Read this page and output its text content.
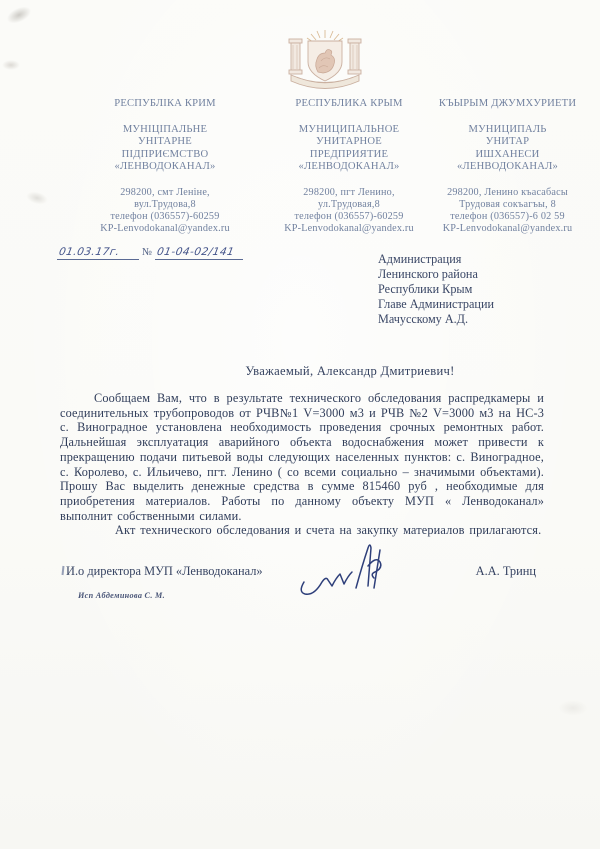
РЕСПУБЛІКА КРИМ
МУНІЦІПАЛЬНЕ
УНІТАРНЕ
ПІДПРИЄМСТВО
«ЛЕНВОДОКАНАЛ»
298200, смт Леніне,
вул.Трудова,8
телефон (036557)-60259
KP-Lenvodokanal@yandex.ru
РЕСПУБЛИКА КРЫМ
МУНИЦИПАЛЬНОЕ
УНИТАРНОЕ
ПРЕДПРИЯТИЕ
«ЛЕНВОДОКАНАЛ»
298200, пгт Ленино,
ул.Трудовая,8
телефон (036557)-60259
KP-Lenvodokanal@yandex.ru
КЪЫРЫМ ДЖУМХУРИЕТИ
МУНИЦИПАЛЬ
УНИТАР
ИШХАНЕСИ
«ЛЕНВОДОКАНАЛ»
298200, Ленино къасабасы
Трудовая сокъагъы, 8
телефон (036557)-6 02 59
KP-Lenvodokanal@yandex.ru
01.03.17г. № 01-04-02/141	Администрация
Ленинского района
Республики Крым
Главе Администрации
Мачусскому А.Д.
Уважаемый, Александр Дмитриевич!

Сообщаем Вам, что в результате технического обследования распредкамеры и соединительных трубопроводов от РЧВ№1 V=3000 м3 и РЧВ №2 V=3000 м3 на НС-3 с. Виноградное установлена необходимость проведения срочных ремонтных работ. Дальнейшая эксплуатация аварийного объекта водоснабжения может привести к прекращению подачи питьевой воды следующих населенных пунктов: с. Виноградное, с. Королево, с. Ильичево, пгт. Ленино ( со всеми социально – значимыми объектами). Прошу Вас выделить денежные средства в сумме 815460 руб , необходимые для приобретения материалов. Работы по данному объекту МУП « Ленводоканал» выполнит собственными силами.

Акт технического обследования и счета на закупку материалов прилагаются.

И.о директора МУП «Ленводоканал»	А.А. Тринц
Исп Абдеминова С. М.
